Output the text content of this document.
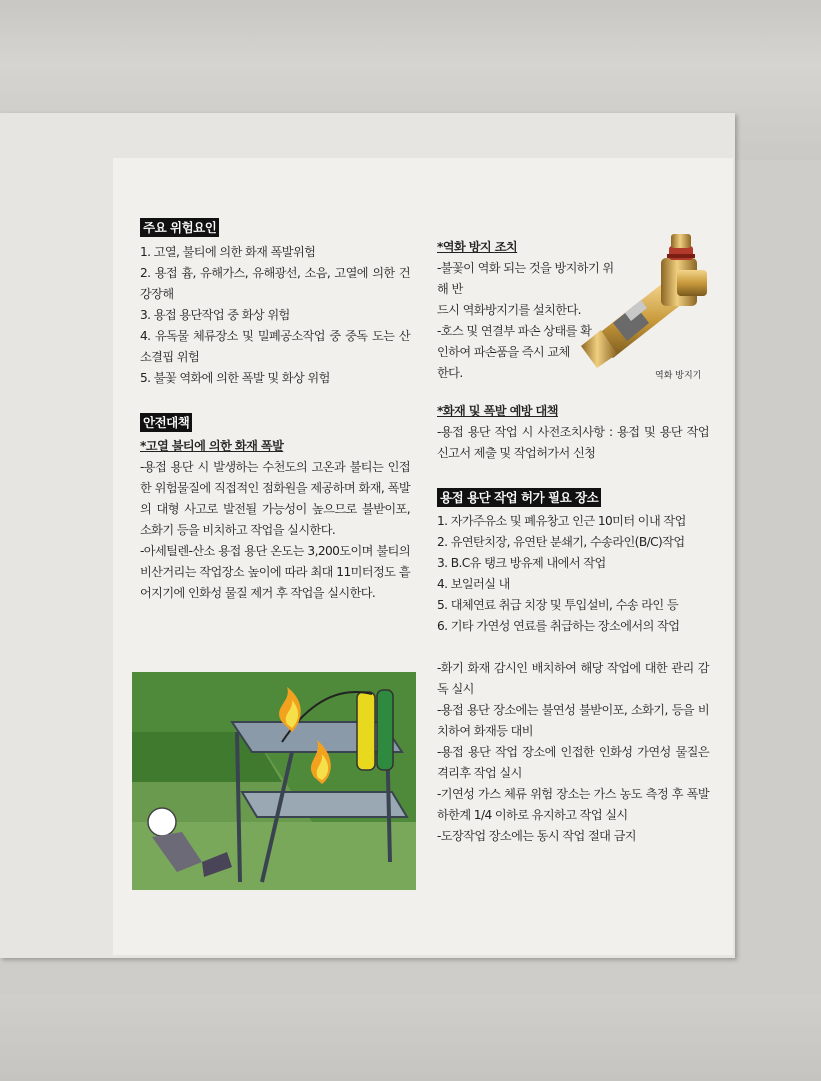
주요 위험요인

1. 고열, 불티에 의한 화재 폭발위험

2. 용접 흄, 유해가스, 유해광선, 소음, 고열에 의한 건강장해

3. 용접 용단작업 중 화상 위험

4. 유독물 체류장소 및 밀폐공소작업 중 중독 도는 산소결핍 위험

5. 불꽃 역화에 의한 폭발 및 화상 위험

안전대책

*고열 불티에 의한 화재 폭발

-용접 용단 시 발생하는 수천도의 고온과 불티는 인접한 위험물질에 직접적인 점화원을 제공하며 화재, 폭발의 대형 사고로 발전될 가능성이 높으므로 불받이포, 소화기 등을 비치하고 작업을 실시한다.

-아세틸렌-산소 용접 용단 온도는 3,200도이며 불티의 비산거리는 작업장소 높이에 따라 최대 11미터정도 흩어지기에 인화성 물질 제거 후 작업을 실시한다.

*역화 방지 조치

-불꽃이 역화 되는 것을 방지하기 위해 반

드시 역화방지기를 설치한다.

-호스 및 연결부 파손 상태를 확

인하여 파손품을 즉시 교체

한다.	역화 방지기

*화재 및 폭발 예방 대책

-용접 용단 작업 시 사전조치사항 : 용접 및 용단 작업 신고서 제출 및 작업허가서 신청

용접 용단 작업 허가 필요 장소

1. 자가주유소 및 폐유창고 인근 10미터 이내 작업

2. 유연탄치장, 유연탄 분쇄기, 수송라인(B/C)작업

3. B.C유 탱크 방유제 내에서 작업

4. 보일러실 내

5. 대체연료 취급 치장 및 투입설비, 수송 라인 등

6. 기타 가연성 연료를 취급하는 장소에서의 작업

-화기 화재 감시인 배치하여 해당 작업에 대한 관리 감독 실시

-용접 용단 장소에는 불연성 불받이포, 소화기, 등을 비치하여 화재등 대비

-용접 용단 작업 장소에 인접한 인화성 가연성 물질은 격리후 작업 실시

-기연성 가스 체류 위험 장소는 가스 농도 측정 후 폭발 하한계 1/4 이하로 유지하고 작업 실시

-도장작업 장소에는 동시 작업 절대 금지
